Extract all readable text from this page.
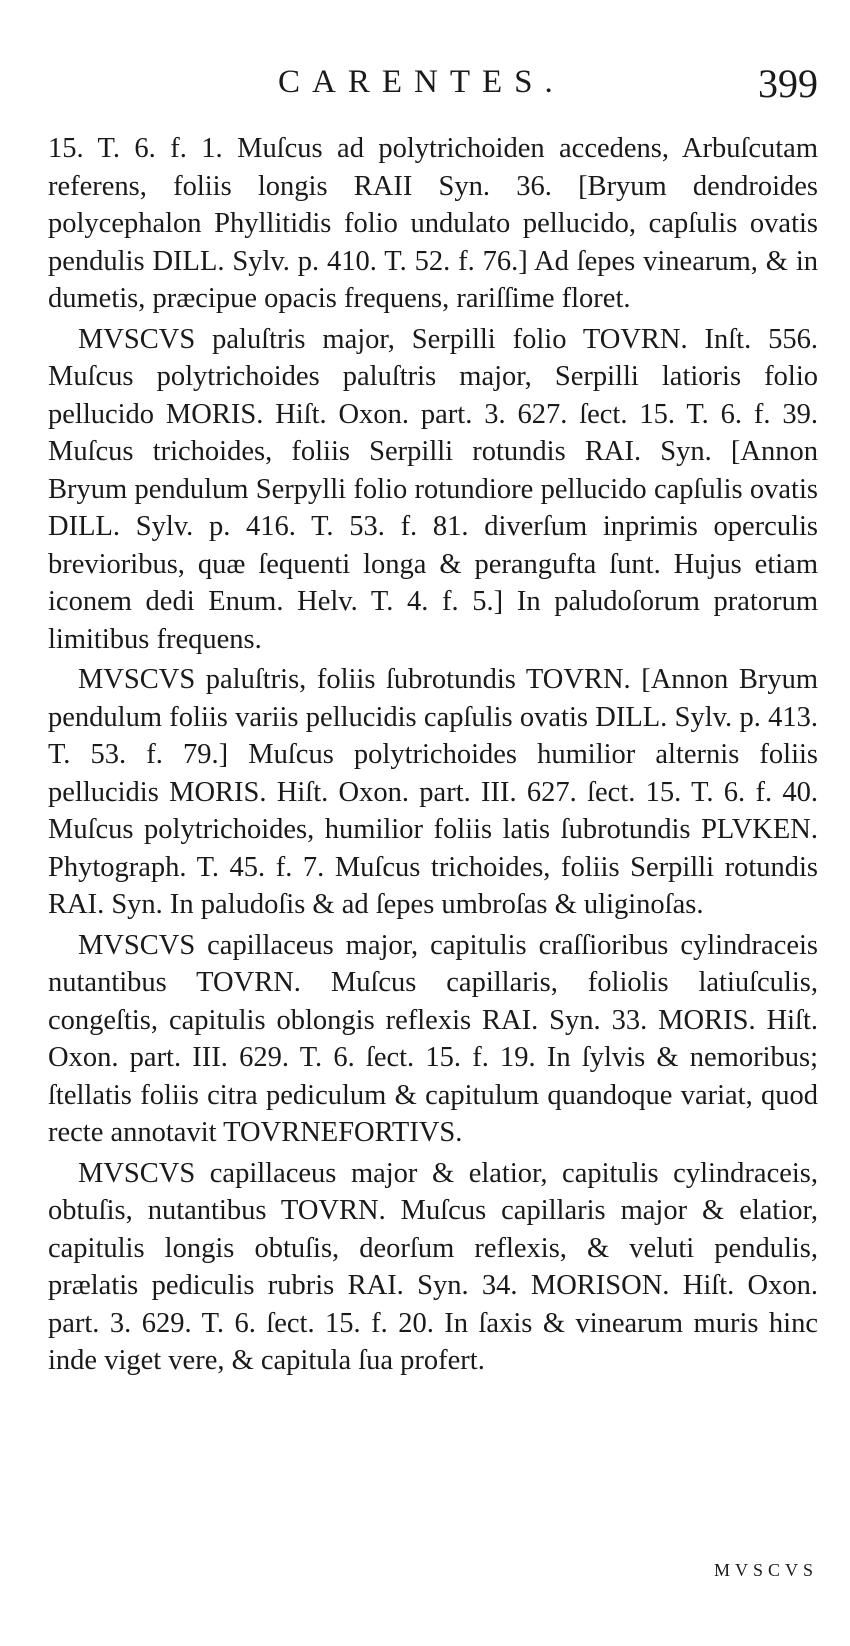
CARENTES.	399

15. T. 6. f. 1. Muſcus ad polytrichoiden accedens, Arbuſcutam referens, foliis longis RAII Syn. 36. [Bryum dendroides polycephalon Phyllitidis folio undulato pellucido, capſulis ovatis pendulis DILL. Sylv. p. 410. T. 52. f. 76.] Ad ſepes vinearum, & in dumetis, præcipue opacis frequens, rariſſime floret.

MVSCVS paluſtris major, Serpilli folio TOVRN. Inſt. 556. Muſcus polytrichoides paluſtris major, Serpilli latioris folio pellucido MORIS. Hiſt. Oxon. part. 3. 627. ſect. 15. T. 6. f. 39. Muſcus trichoides, foliis Serpilli rotundis RAI. Syn. [Annon Bryum pendulum Serpylli folio rotundiore pellucido capſulis ovatis DILL. Sylv. p. 416. T. 53. f. 81. diverſum inprimis operculis brevioribus, quæ ſequenti longa & perangufta ſunt. Hujus etiam iconem dedi Enum. Helv. T. 4. f. 5.] In paludoſorum pratorum limitibus frequens.

MVSCVS paluſtris, foliis ſubrotundis TOVRN. [Annon Bryum pendulum foliis variis pellucidis capſulis ovatis DILL. Sylv. p. 413. T. 53. f. 79.] Muſcus polytrichoides humilior alternis foliis pellucidis MORIS. Hiſt. Oxon. part. III. 627. ſect. 15. T. 6. f. 40. Muſcus polytrichoides, humilior foliis latis ſubrotundis PLVKEN. Phytograph. T. 45. f. 7. Muſcus trichoides, foliis Serpilli rotundis RAI. Syn. In paludoſis & ad ſepes umbroſas & uliginoſas.

MVSCVS capillaceus major, capitulis craſſioribus cylindraceis nutantibus TOVRN. Muſcus capillaris, foliolis latiuſculis, congeſtis, capitulis oblongis reflexis RAI. Syn. 33. MORIS. Hiſt. Oxon. part. III. 629. T. 6. ſect. 15. f. 19. In ſylvis & nemoribus; ſtellatis foliis citra pediculum & capitulum quandoque variat, quod recte annotavit TOVRNEFORTIVS.

MVSCVS capillaceus major & elatior, capitulis cylindraceis, obtuſis, nutantibus TOVRN. Muſcus capillaris major & elatior, capitulis longis obtuſis, deorſum reflexis, & veluti pendulis, prælatis pediculis rubris RAI. Syn. 34. MORISON. Hiſt. Oxon. part. 3. 629. T. 6. ſect. 15. f. 20. In ſaxis & vinearum muris hinc inde viget vere, & capitula ſua profert.

MVSCVS
